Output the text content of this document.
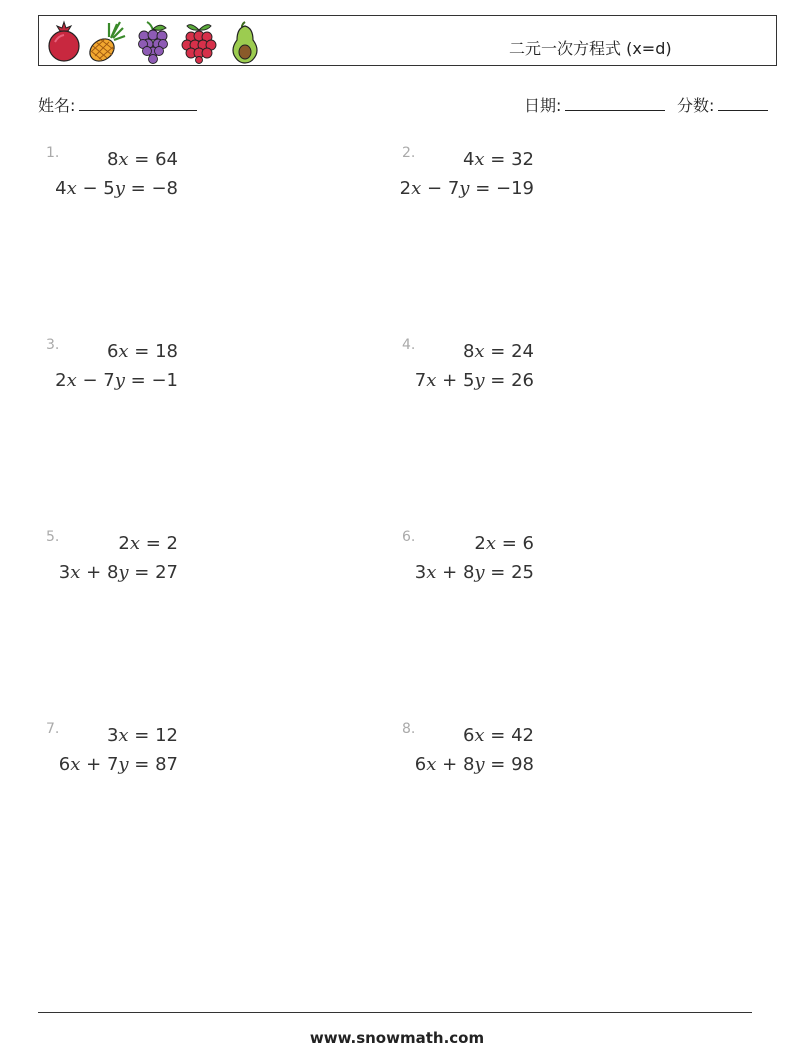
二元一次方程式 (x=d)
姓名:	日期:	分数:
1.	8x = 64
4x − 5y = −8
2.	4x = 32
2x − 7y = −19
3.	6x = 18
2x − 7y = −1
4.	8x = 24
7x + 5y = 26
5.	2x = 2
3x + 8y = 27
6.	2x = 6
3x + 8y = 25
7.	3x = 12
6x + 7y = 87
8.	6x = 42
6x + 8y = 98
www.snowmath.com
